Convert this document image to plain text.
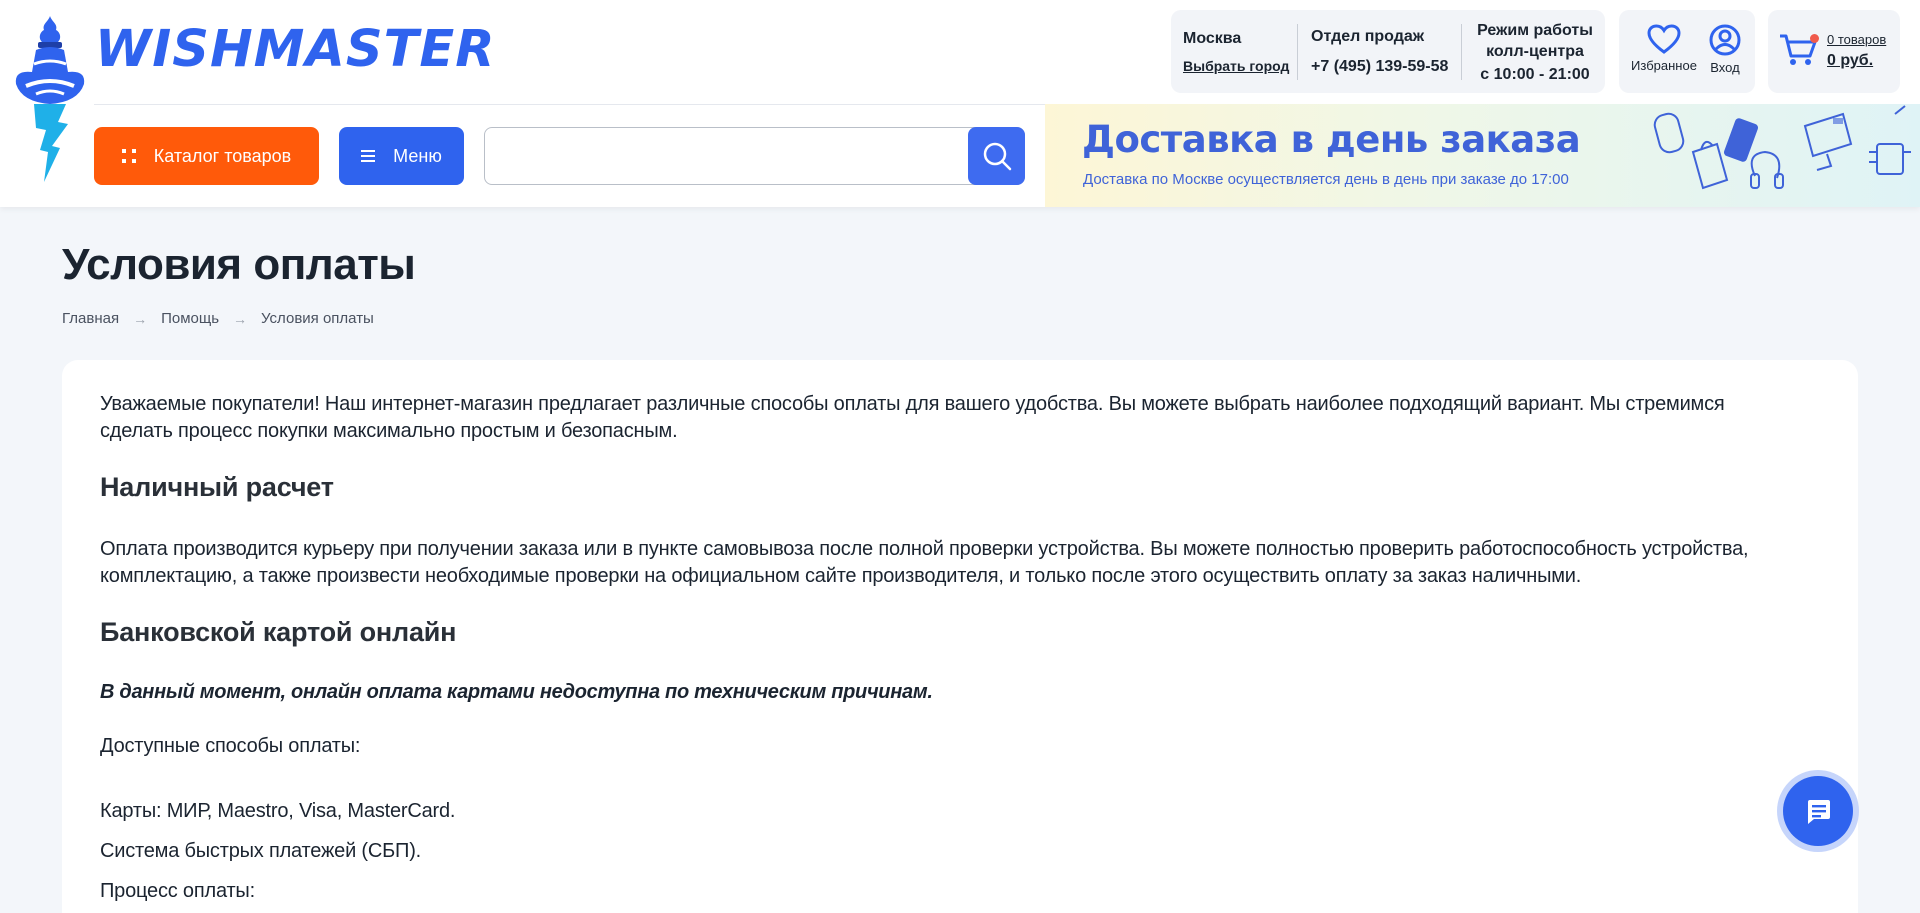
WISHMASTER	Москва
Выбрать город
Отдел продаж
+7 (495) 139-59-58
Режим работы
колл-центра
с 10:00 - 21:00	Избранное	Вход
0 товаров
0 руб.
Каталог товаров	Меню	Доставка в день заказа
Доставка по Москве осуществляется день в день при заказе до 17:00
Условия оплаты
Главная → Помощь → Условия оплаты
Уважаемые покупатели! Наш интернет-магазин предлагает различные способы оплаты для вашего удобства. Вы можете выбрать наиболее подходящий вариант. Мы стремимся
сделать процесс покупки максимально простым и безопасным.
Наличный расчет
Оплата производится курьеру при получении заказа или в пункте самовывоза после полной проверки устройства. Вы можете полностью проверить работоспособность устройства,
комплектацию, а также произвести необходимые проверки на официальном сайте производителя, и только после этого осуществить оплату за заказ наличными.
Банковской картой онлайн
В данный момент, онлайн оплата картами недоступна по техническим причинам.
Доступные способы оплаты:
Карты: МИР, Maestro, Visa, MasterCard.
Система быстрых платежей (СБП).
Процесс оплаты:
